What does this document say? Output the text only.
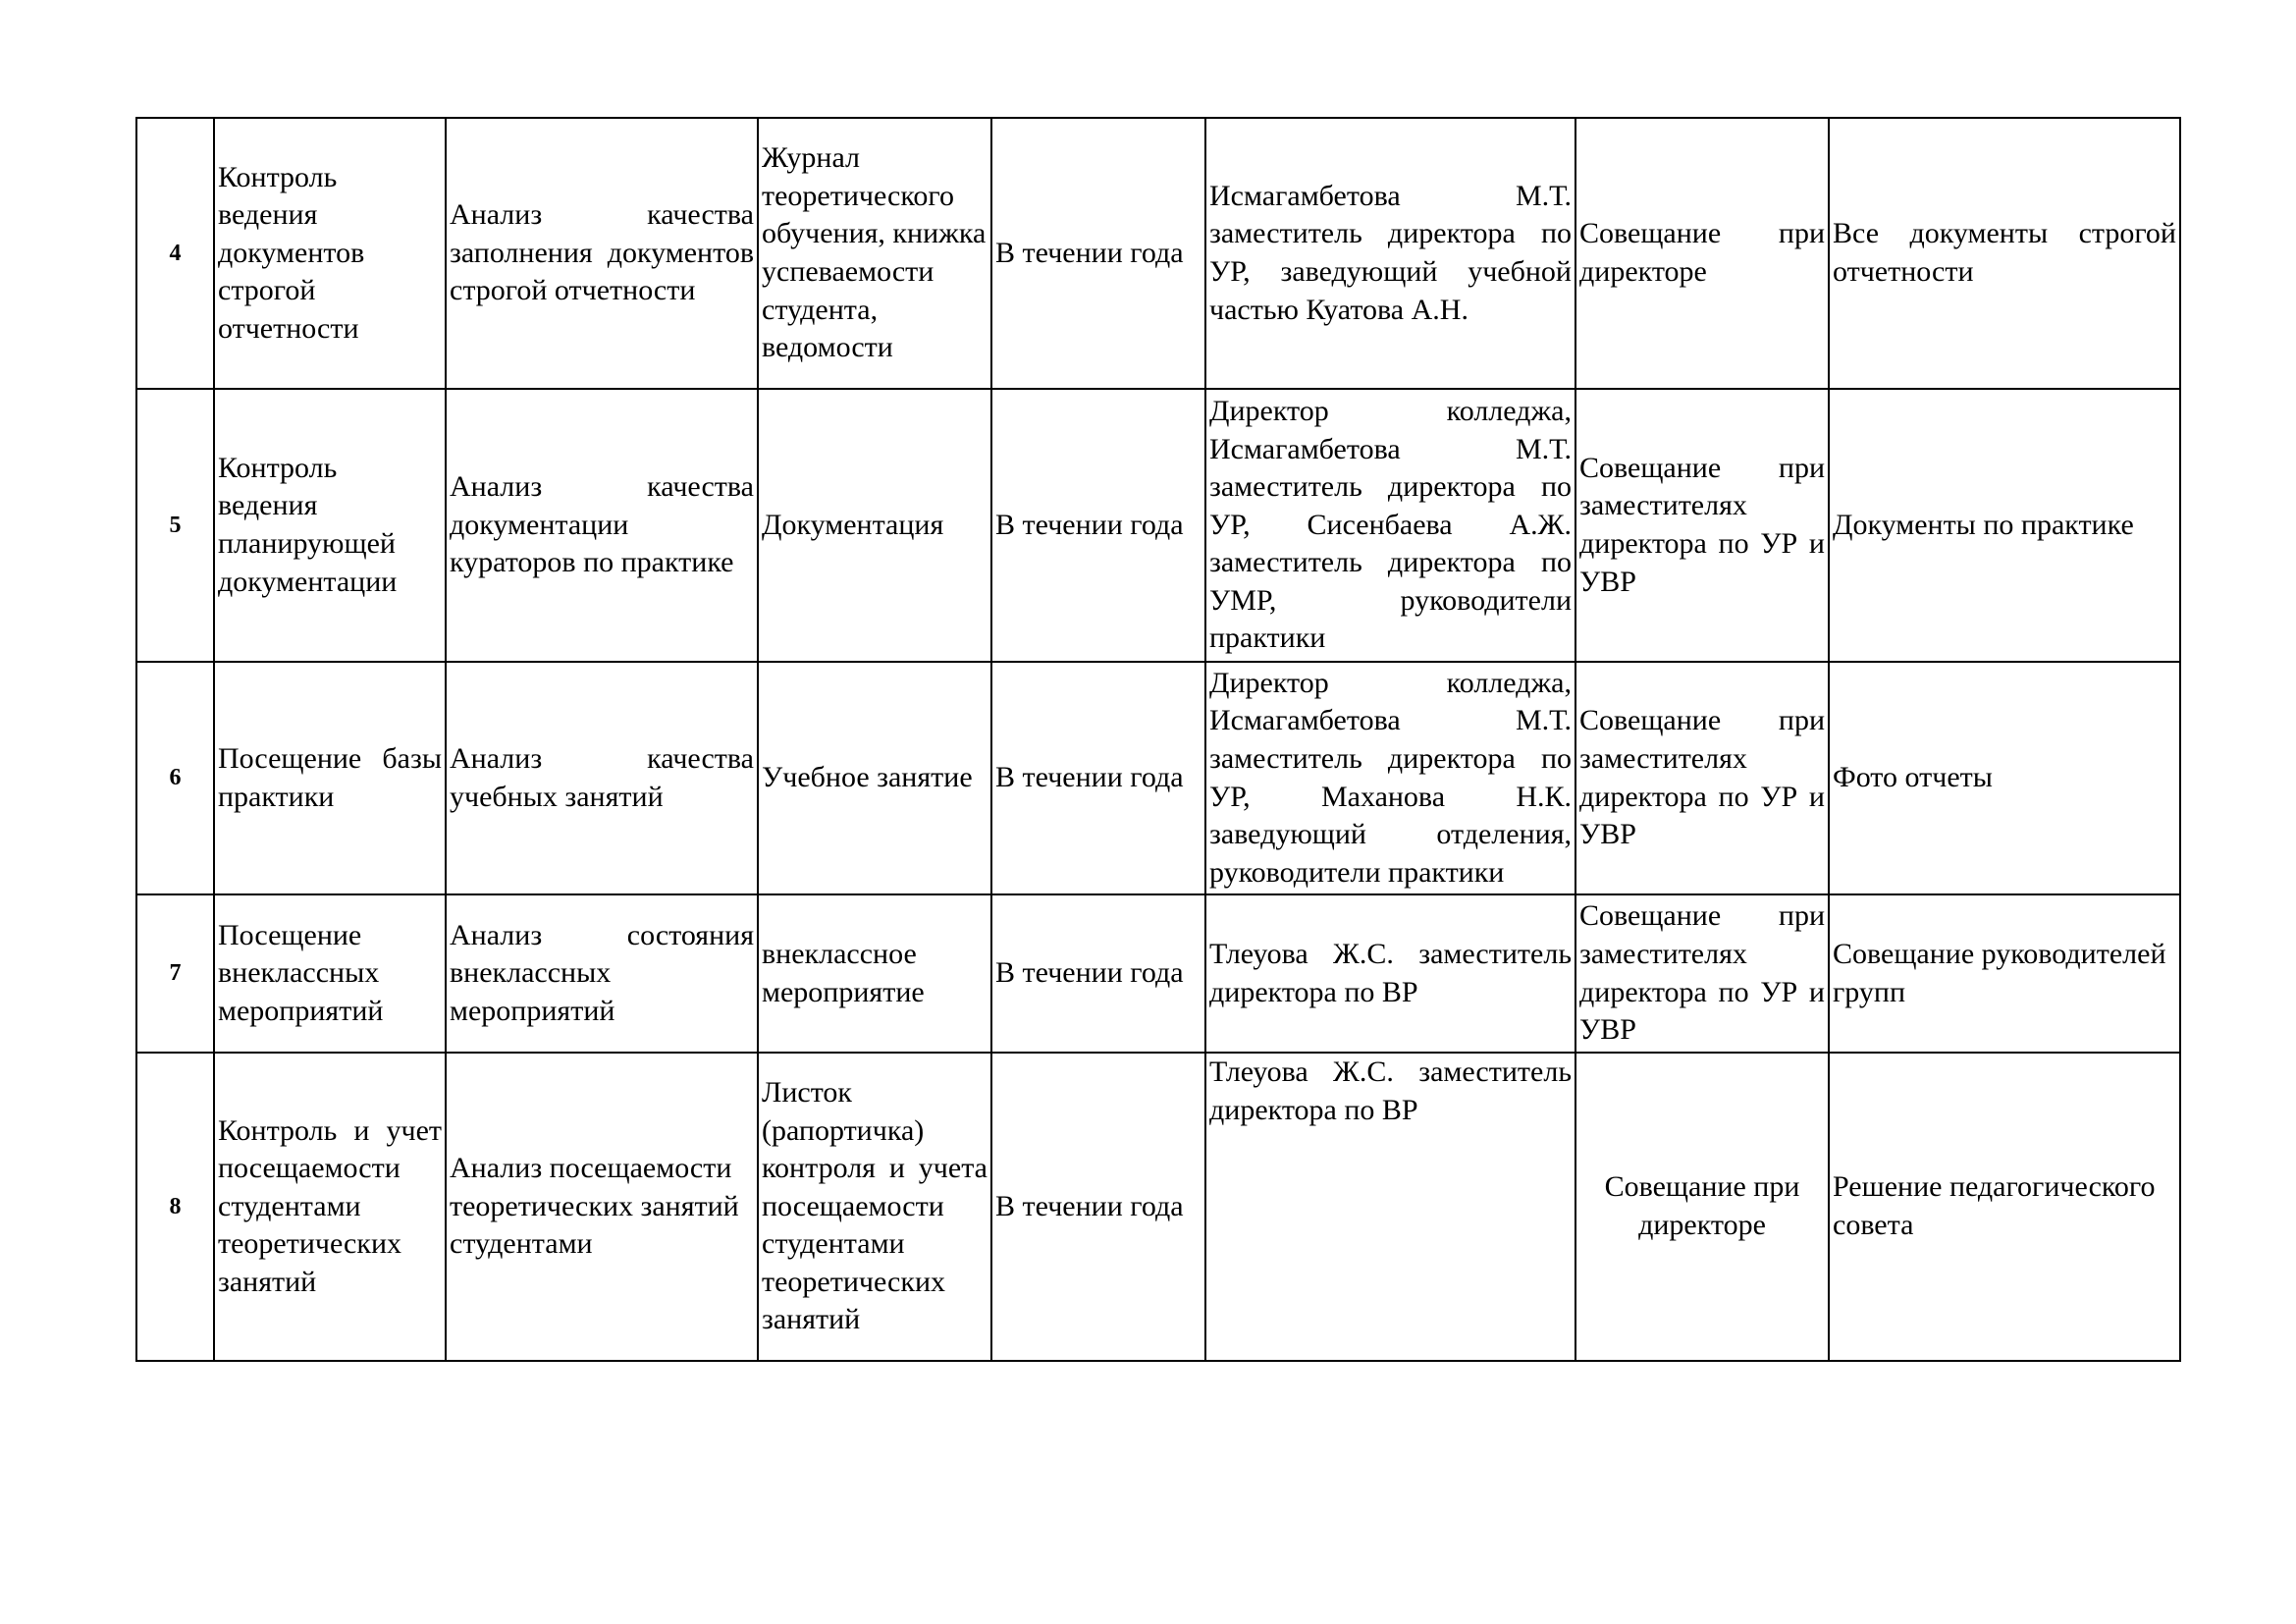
4	Контроль ведения документов строгой отчетности	Анализ качества заполнения документов строгой отчетности	Журнал теоретического обучения, книжка успеваемости студента, ведомости	В течении года	Исмагамбетова М.Т. заместитель директора по УР, заведующий учебной частью Куатова А.Н.	Совещание при директоре	Все документы строгой отчетности
5	Контроль ведения планирующей документации	Анализ качества документации кураторов по практике	Документация	В течении года	Директор колледжа, Исмагамбетова М.Т. заместитель директора по УР, Сисенбаева А.Ж. заместитель директора по УМР, руководители практики	Совещание при заместителях директора по УР и УВР	Документы по практике
6	Посещение базы практики	Анализ качества учебных занятий	Учебное занятие	В течении года	Директор колледжа, Исмагамбетова М.Т. заместитель директора по УР, Маханова Н.К. заведующий отделения, руководители практики	Совещание при заместителях директора по УР и УВР	Фото отчеты
7	Посещение внеклассных мероприятий	Анализ состояния внеклассных мероприятий	внеклассное мероприятие	В течении года	Тлеуова Ж.С. заместитель директора по ВР	Совещание при заместителях директора по УР и УВР	Совещание руководителей групп
8	Контроль и учет посещаемости студентами теоретических занятий	Анализ посещаемости теоретических занятий студентами	Листок (рапортичка) контроля и учета посещаемости студентами теоретических занятий	В течении года	Тлеуова Ж.С. заместитель директора по ВР	Совещание при директоре	Решение педагогического совета
